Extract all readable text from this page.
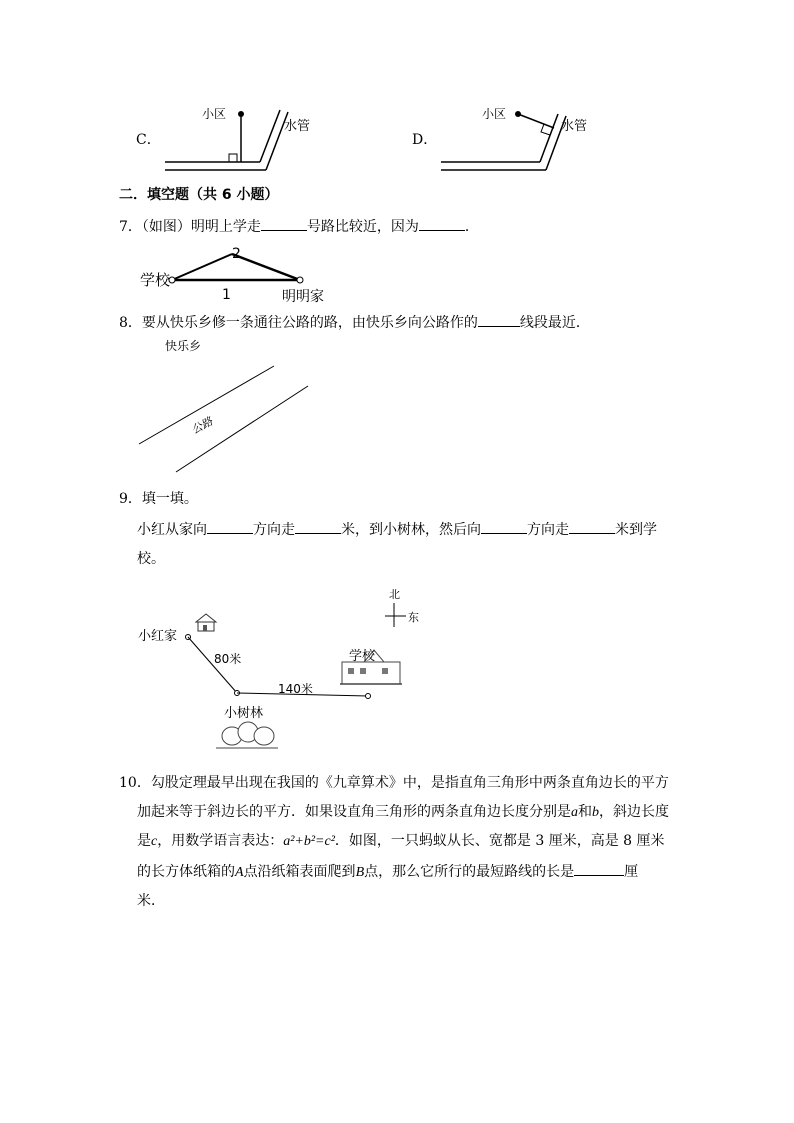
C．
小区
水管
D．
小区
水管
二．填空题（共 6 小题）
7．（如图）明明上学走	号路比较近，因为	．
学校
明明家
2
1
8．要从快乐乡修一条通往公路的路，由快乐乡向公路作的	线段最近．
快乐乡
公路
9．填一填。
小红从家向	方向走	米，到小树林，然后向	方向走	米到学
校。
北
东
小红家
80米
140米
学校
小树林
10．勾股定理最早出现在我国的《九章算术》中，是指直角三角形中两条直角边长的平方
加起来等于斜边长的平方．如果设直角三角形的两条直角边长度分别是a和b，斜边长度
是c，用数学语言表达：a²+b²=c²．如图，一只蚂蚁从长、宽都是 3 厘米，高是 8 厘米
的长方体纸箱的A点沿纸箱表面爬到B点，那么它所行的最短路线的长是	厘
米．
